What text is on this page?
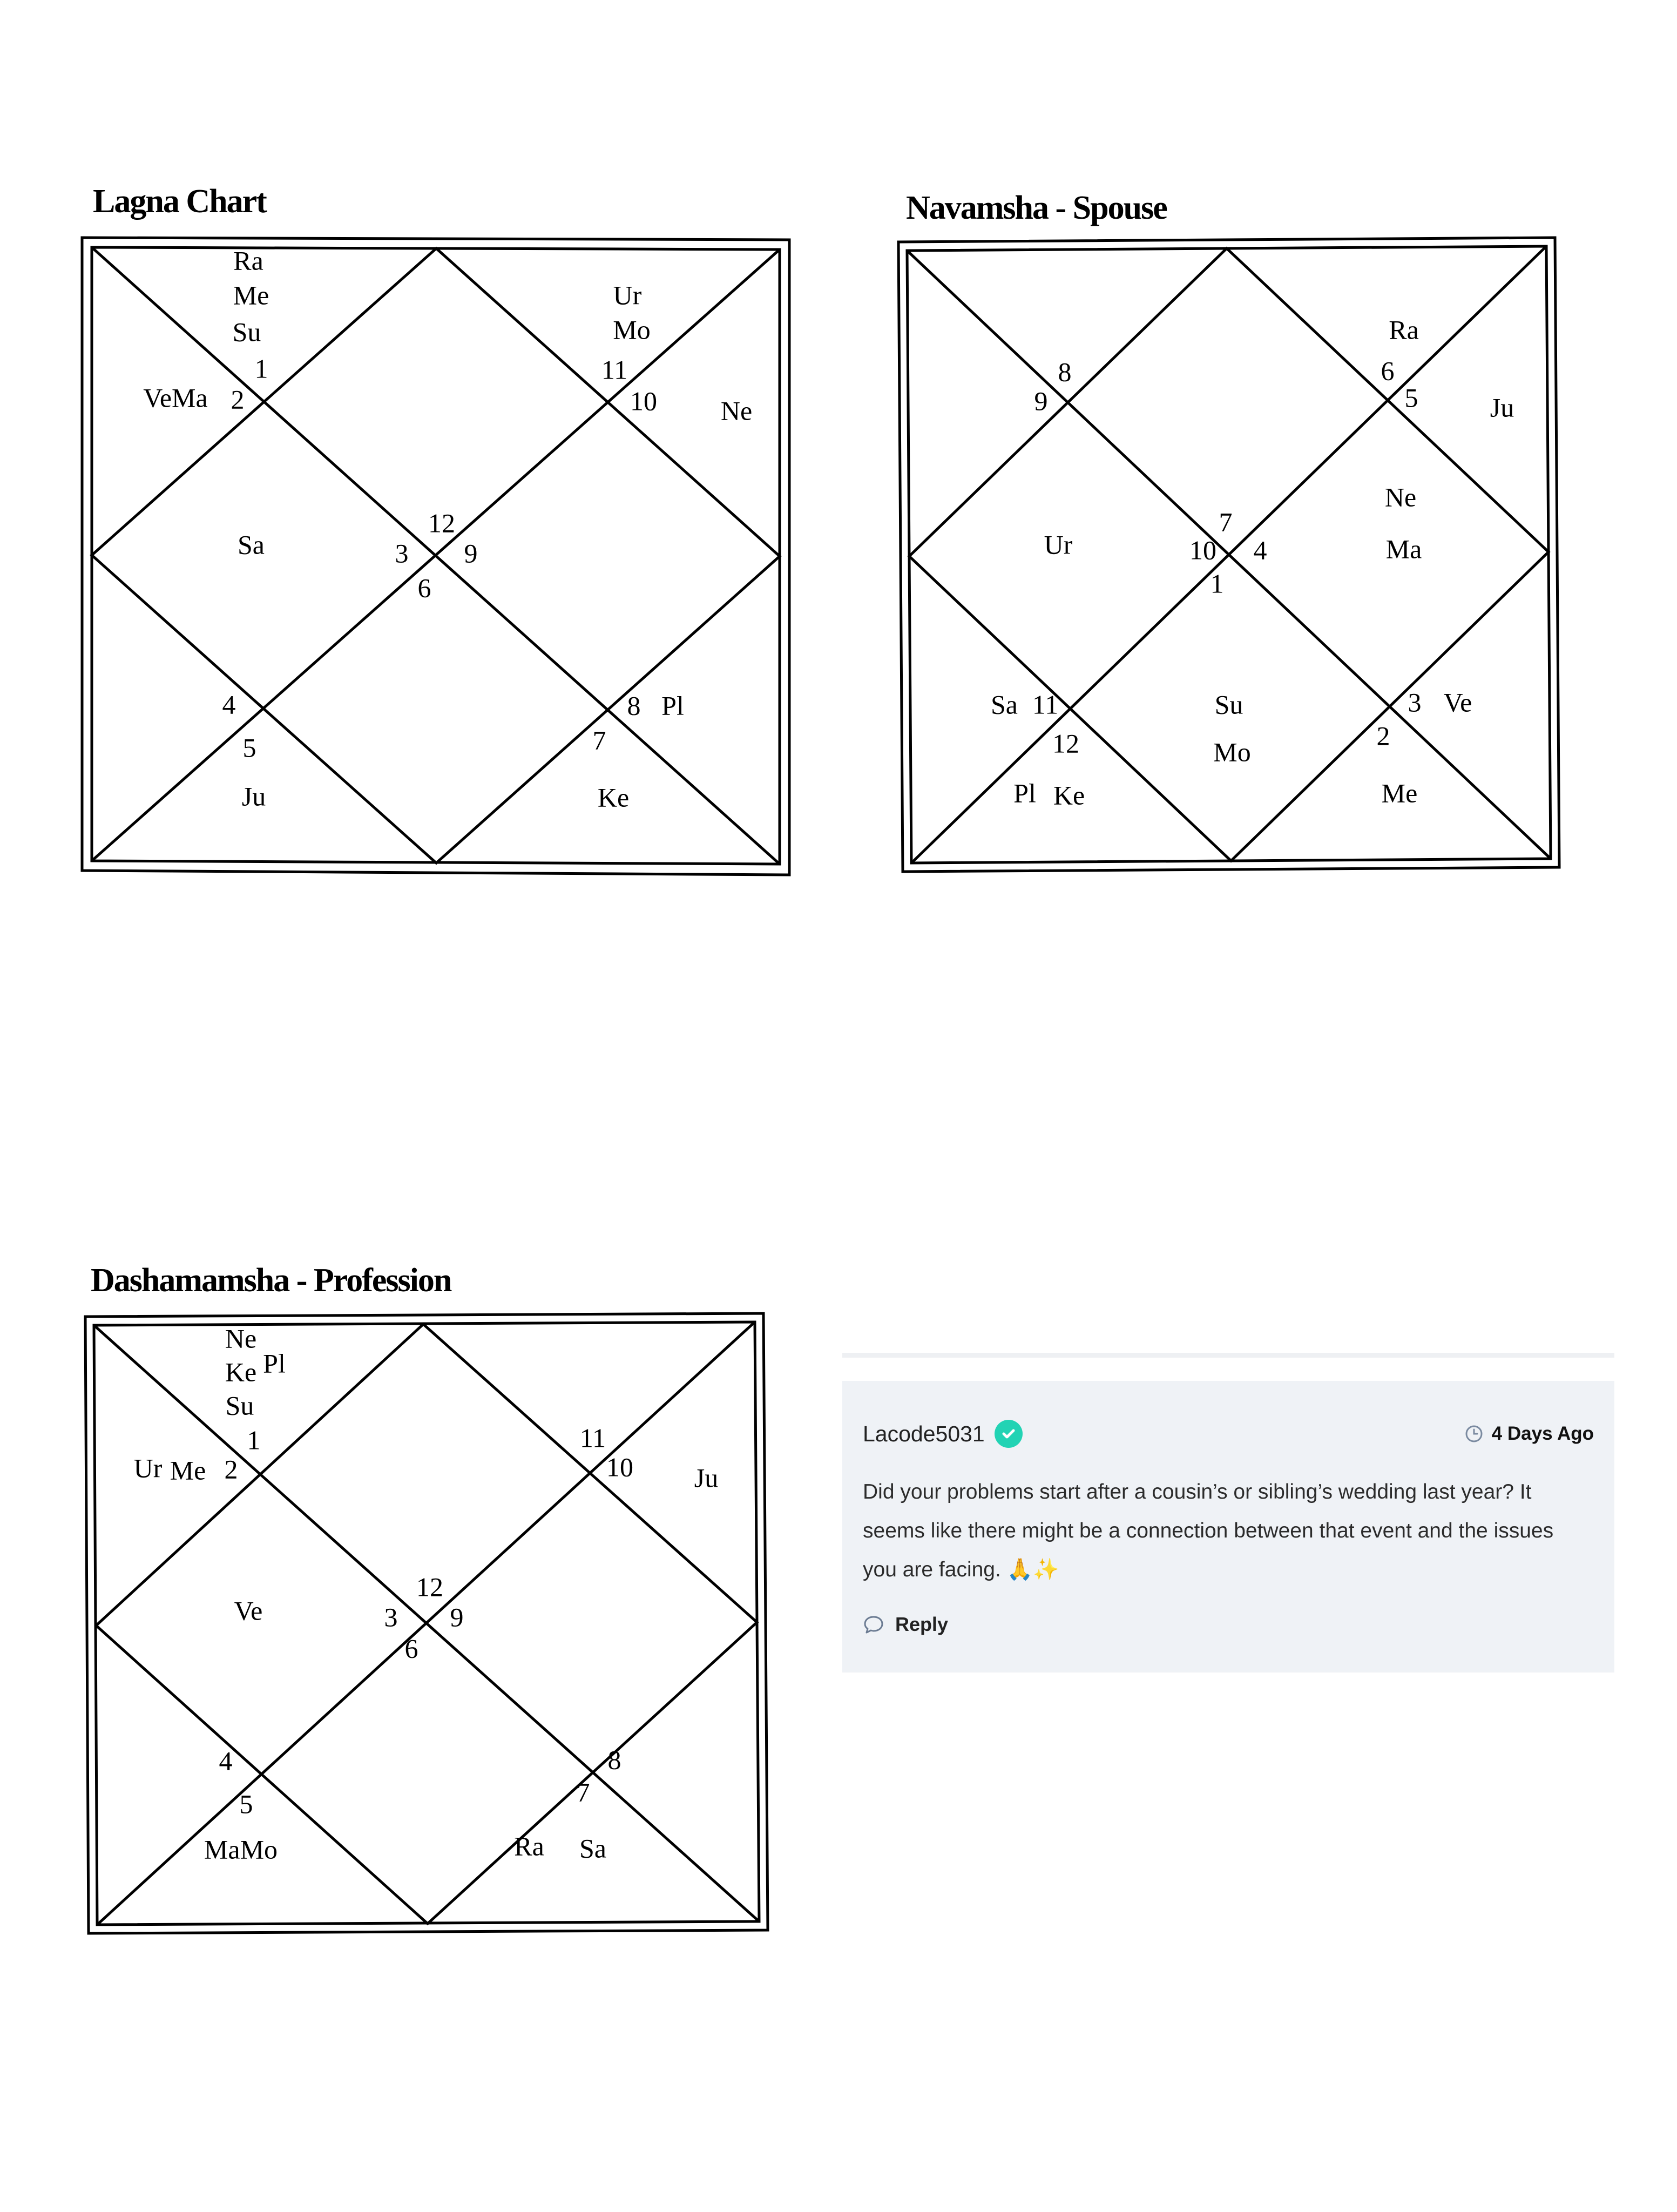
Lagna Chart
Ra
Me
Su
1
VeMa 2
Ur
Mo
11
10 Ne
12
Sa	3 9
6
4
5
Ju
8 Pl
7
Ke
Navamsha - Spouse
8
9
Ra
6
5	Ju
Ne
Ma
Ur
7
10 4
1
Sa 11
12
Pl Ke
Su
Mo
3 Ve
2
Me
Dashamamsha - Profession
Ne
Ke Pl
Su
1
Ur Me 2
11
10 Ju
12
Ve	3 9
6
4
5
MaMo
8
7
Ra Sa
Lacode5031	4 Days Ago
Did your problems start after a cousin’s or sibling’s wedding last year? It seems like there might be a connection between that event and the issues you are facing. 🙏✨
Reply
